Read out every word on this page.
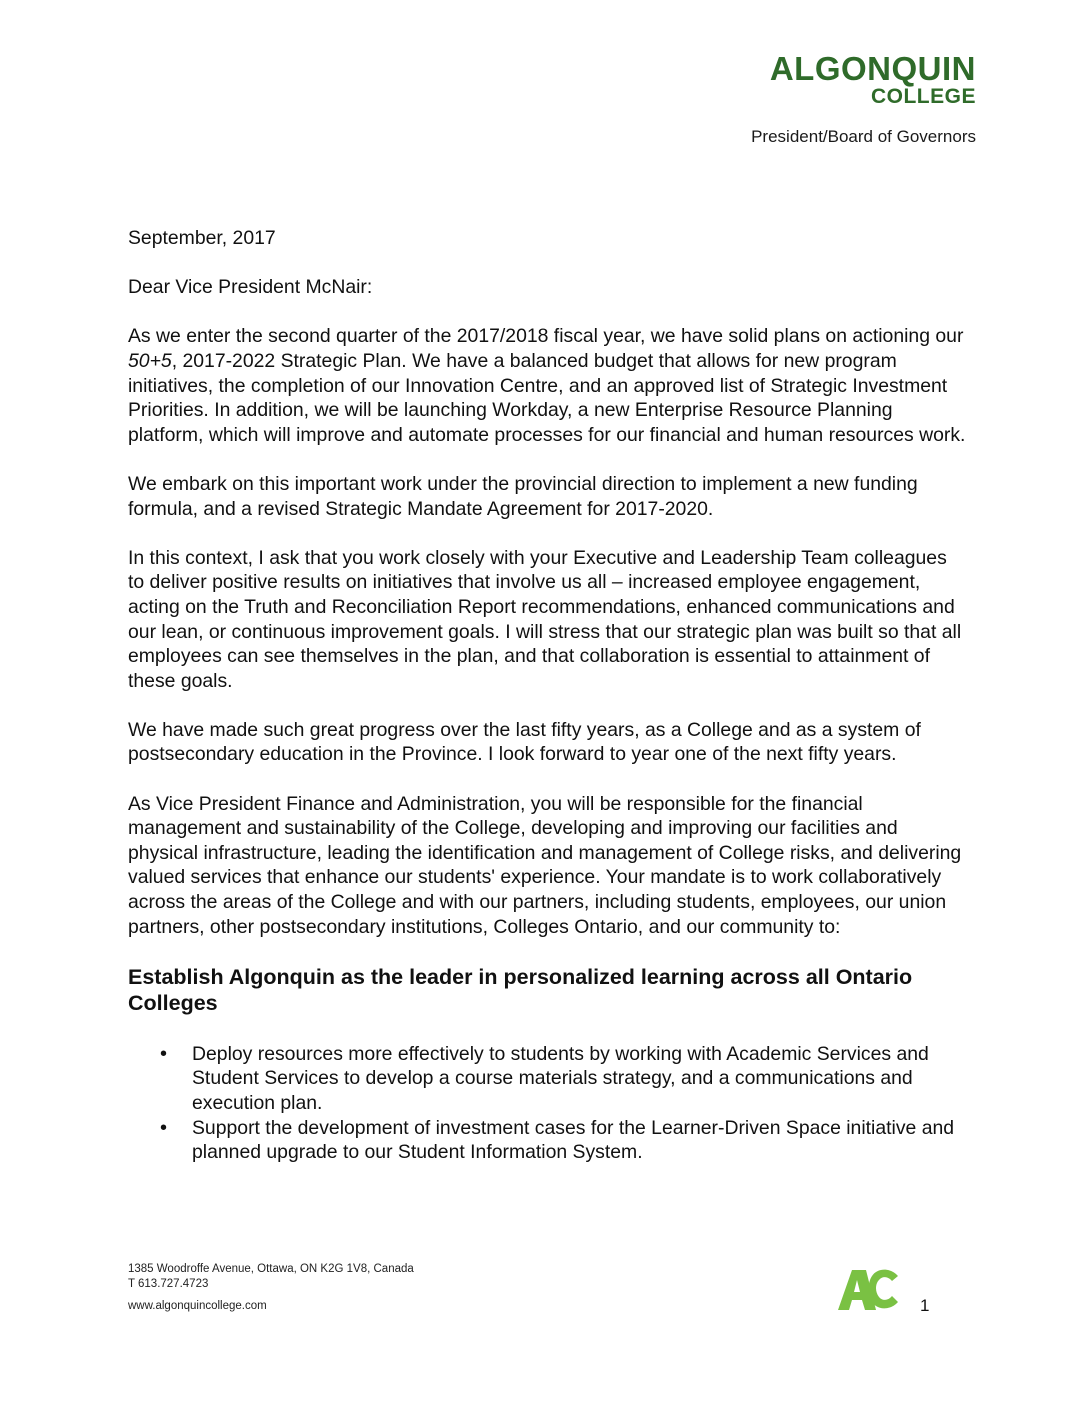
ALGONQUIN
COLLEGE
President/Board of Governors

September, 2017

Dear Vice President McNair:

As we enter the second quarter of the 2017/2018 fiscal year, we have solid plans on actioning our 50+5, 2017-2022 Strategic Plan. We have a balanced budget that allows for new program initiatives, the completion of our Innovation Centre, and an approved list of Strategic Investment Priorities. In addition, we will be launching Workday, a new Enterprise Resource Planning platform, which will improve and automate processes for our financial and human resources work.

We embark on this important work under the provincial direction to implement a new funding formula, and a revised Strategic Mandate Agreement for 2017-2020.

In this context, I ask that you work closely with your Executive and Leadership Team colleagues to deliver positive results on initiatives that involve us all – increased employee engagement, acting on the Truth and Reconciliation Report recommendations, enhanced communications and our lean, or continuous improvement goals. I will stress that our strategic plan was built so that all employees can see themselves in the plan, and that collaboration is essential to attainment of these goals.

We have made such great progress over the last fifty years, as a College and as a system of postsecondary education in the Province. I look forward to year one of the next fifty years.

As Vice President Finance and Administration, you will be responsible for the financial management and sustainability of the College, developing and improving our facilities and physical infrastructure, leading the identification and management of College risks, and delivering valued services that enhance our students' experience. Your mandate is to work collaboratively across the areas of the College and with our partners, including students, employees, our union partners, other postsecondary institutions, Colleges Ontario, and our community to:

Establish Algonquin as the leader in personalized learning across all Ontario Colleges
• Deploy resources more effectively to students by working with Academic Services and Student Services to develop a course materials strategy, and a communications and execution plan.
• Support the development of investment cases for the Learner-Driven Space initiative and planned upgrade to our Student Information System.
1385 Woodroffe Avenue, Ottawa, ON K2G 1V8, Canada
T 613.727.4723
www.algonquincollege.com	1
